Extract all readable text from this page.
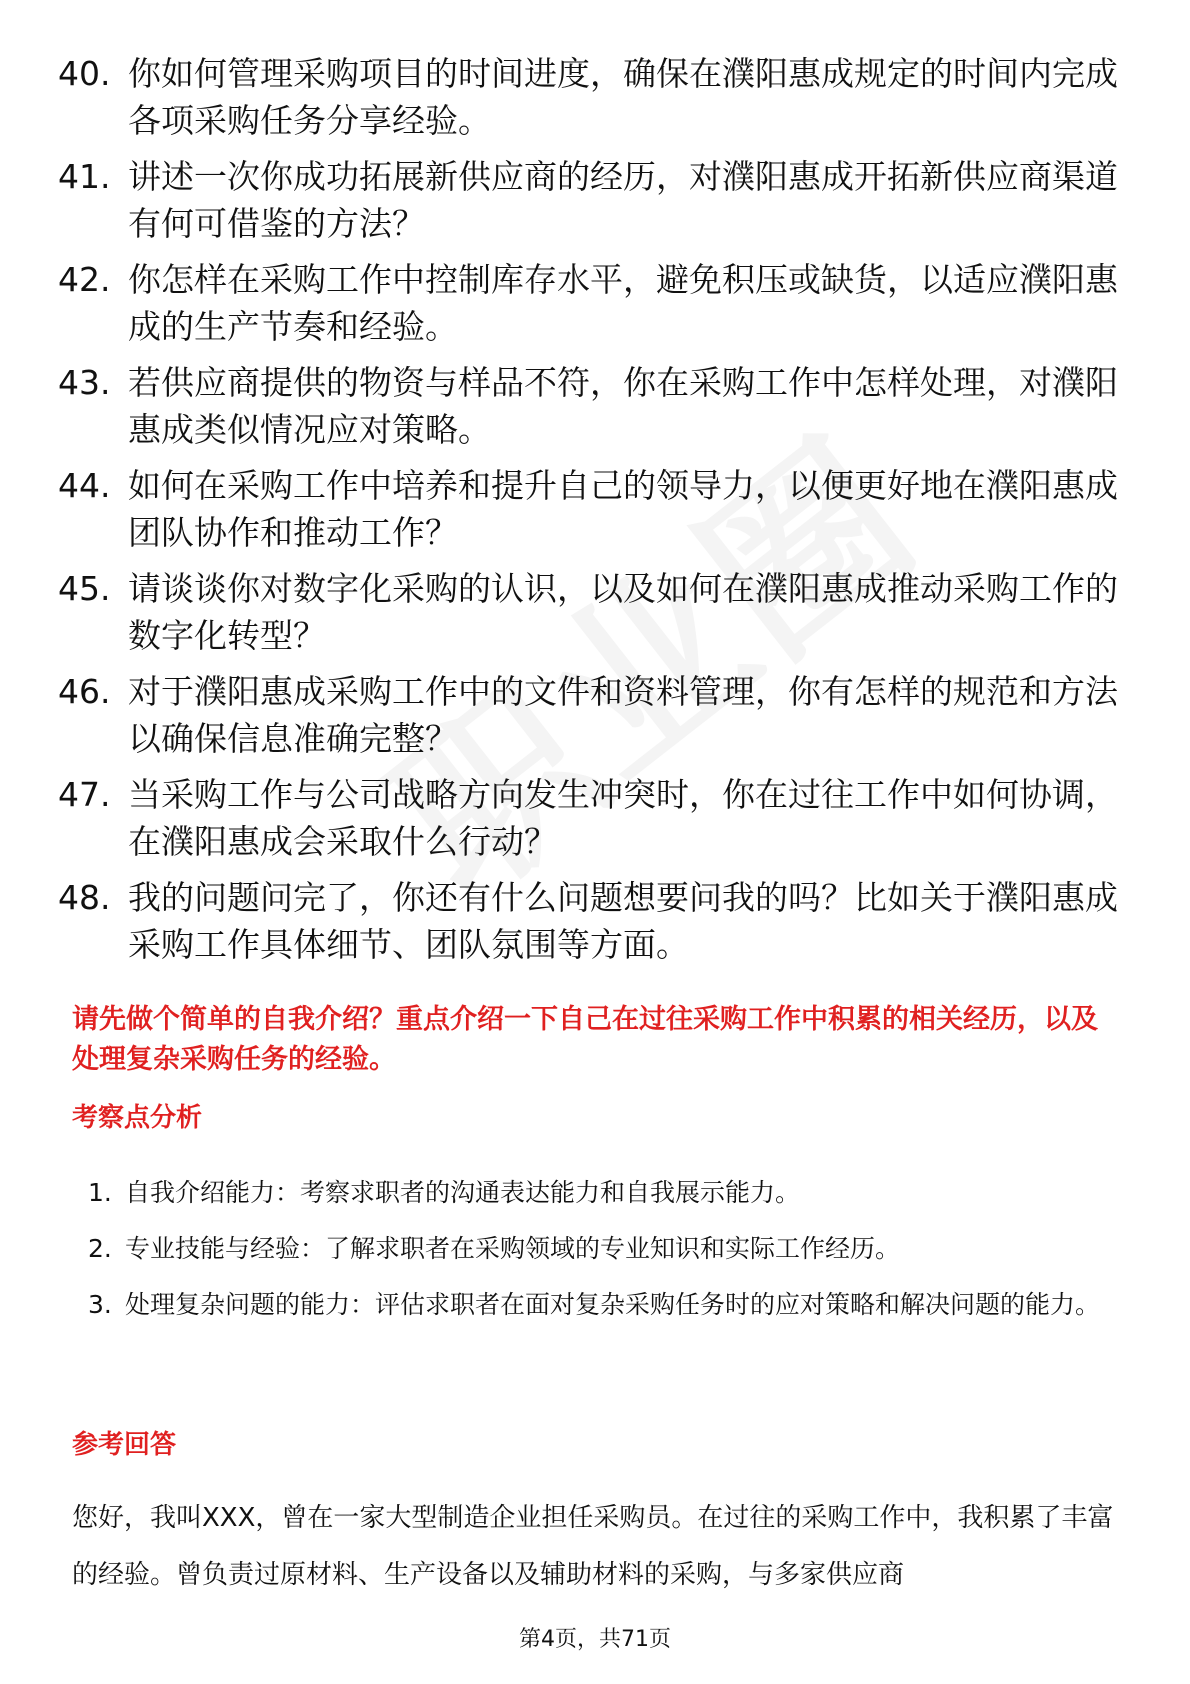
40. 你如何管理采购项目的时间进度，确保在濮阳惠成规定的时间内完成各项采购任务分享经验。
41. 讲述一次你成功拓展新供应商的经历，对濮阳惠成开拓新供应商渠道有何可借鉴的方法？
42. 你怎样在采购工作中控制库存水平，避免积压或缺货，以适应濮阳惠成的生产节奏和经验。
43. 若供应商提供的物资与样品不符，你在采购工作中怎样处理，对濮阳惠成类似情况应对策略。
44. 如何在采购工作中培养和提升自己的领导力，以便更好地在濮阳惠成团队协作和推动工作？
45. 请谈谈你对数字化采购的认识，以及如何在濮阳惠成推动采购工作的数字化转型？
46. 对于濮阳惠成采购工作中的文件和资料管理，你有怎样的规范和方法以确保信息准确完整？
47. 当采购工作与公司战略方向发生冲突时，你在过往工作中如何协调，在濮阳惠成会采取什么行动？
48. 我的问题问完了，你还有什么问题想要问我的吗？比如关于濮阳惠成采购工作具体细节、团队氛围等方面。
请先做个简单的自我介绍？重点介绍一下自己在过往采购工作中积累的相关经历，以及处理复杂采购任务的经验。
考察点分析
1. 自我介绍能力：考察求职者的沟通表达能力和自我展示能力。
2. 专业技能与经验：了解求职者在采购领域的专业知识和实际工作经历。
3. 处理复杂问题的能力：评估求职者在面对复杂采购任务时的应对策略和解决问题的能力。
参考回答
您好，我叫XXX，曾在一家大型制造企业担任采购员。在过往的采购工作中，我积累了丰富的经验。曾负责过原材料、生产设备以及辅助材料的采购，与多家供应商
第4页，共71页
